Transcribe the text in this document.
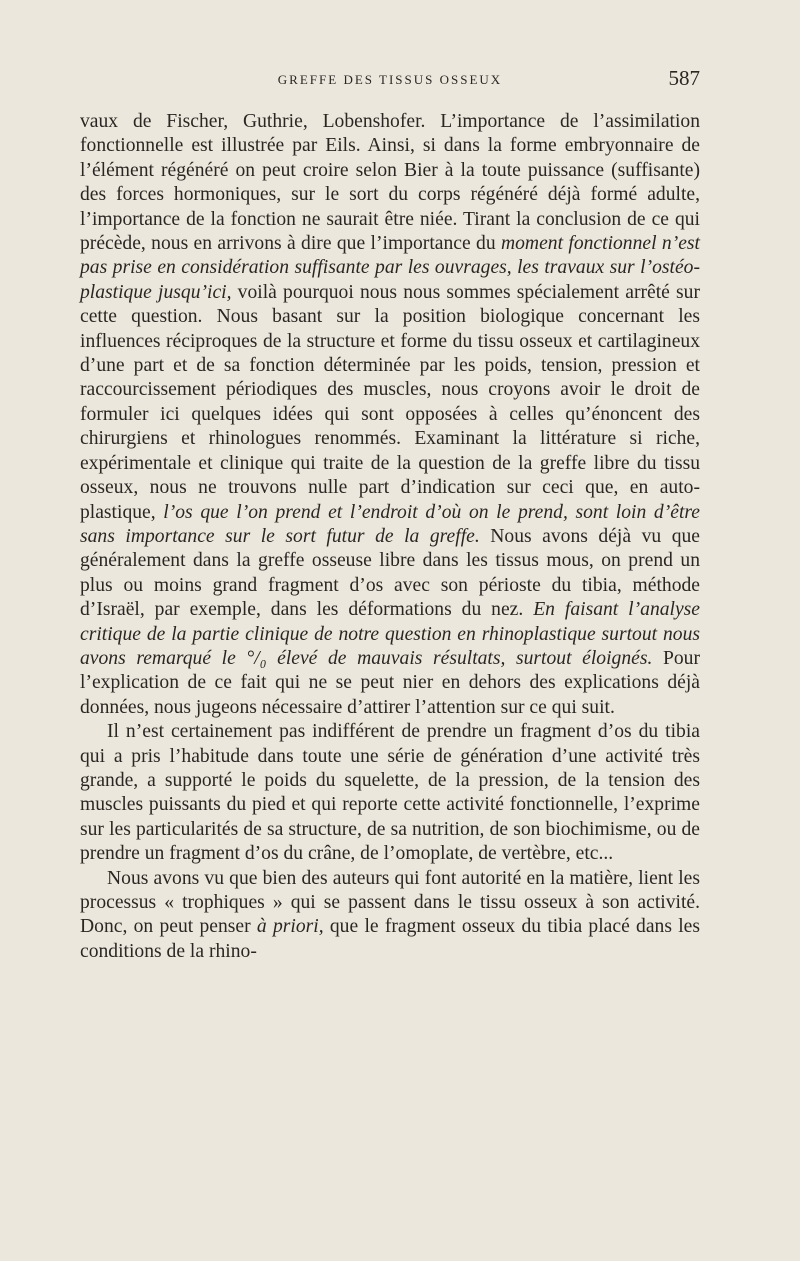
GREFFE DES TISSUS OSSEUX	587

vaux de Fischer, Guthrie, Lobenshofer. L’importance de l’assimilation fonctionnelle est illustrée par Eils. Ainsi, si dans la forme embryonnaire de l’élément régénéré on peut croire selon Bier à la toute puissance (suffisante) des forces hormoniques, sur le sort du corps régénéré déjà formé adulte, l’importance de la fonction ne saurait être niée. Tirant la conclusion de ce qui précède, nous en arrivons à dire que l’importance du moment fonctionnel n’est pas prise en considération suffisante par les ouvrages, les travaux sur l’ostéo-plastique jusqu’ici, voilà pourquoi nous nous sommes spécialement arrêté sur cette question. Nous basant sur la position biologique concernant les influences réciproques de la structure et forme du tissu osseux et cartilagineux d’une part et de sa fonction déterminée par les poids, tension, pression et raccourcissement périodiques des muscles, nous croyons avoir le droit de formuler ici quelques idées qui sont opposées à celles qu’énoncent des chirurgiens et rhinologues renommés. Examinant la littérature si riche, expérimentale et clinique qui traite de la question de la greffe libre du tissu osseux, nous ne trouvons nulle part d’indication sur ceci que, en auto-plastique, l’os que l’on prend et l’endroit d’où on le prend, sont loin d’être sans importance sur le sort futur de la greffe. Nous avons déjà vu que généralement dans la greffe osseuse libre dans les tissus mous, on prend un plus ou moins grand fragment d’os avec son périoste du tibia, méthode d’Israël, par exemple, dans les déformations du nez. En faisant l’analyse critique de la partie clinique de notre question en rhinoplastique surtout nous avons remarqué le °/₀ élevé de mauvais résultats, surtout éloignés. Pour l’explication de ce fait qui ne se peut nier en dehors des explications déjà données, nous jugeons nécessaire d’attirer l’attention sur ce qui suit.

Il n’est certainement pas indifférent de prendre un fragment d’os du tibia qui a pris l’habitude dans toute une série de génération d’une activité très grande, a supporté le poids du squelette, de la pression, de la tension des muscles puissants du pied et qui reporte cette activité fonctionnelle, l’exprime sur les particularités de sa structure, de sa nutrition, de son biochimisme, ou de prendre un fragment d’os du crâne, de l’omoplate, de vertèbre, etc...

Nous avons vu que bien des auteurs qui font autorité en la matière, lient les processus « trophiques » qui se passent dans le tissu osseux à son activité. Donc, on peut penser à priori, que le fragment osseux du tibia placé dans les conditions de la rhino-
